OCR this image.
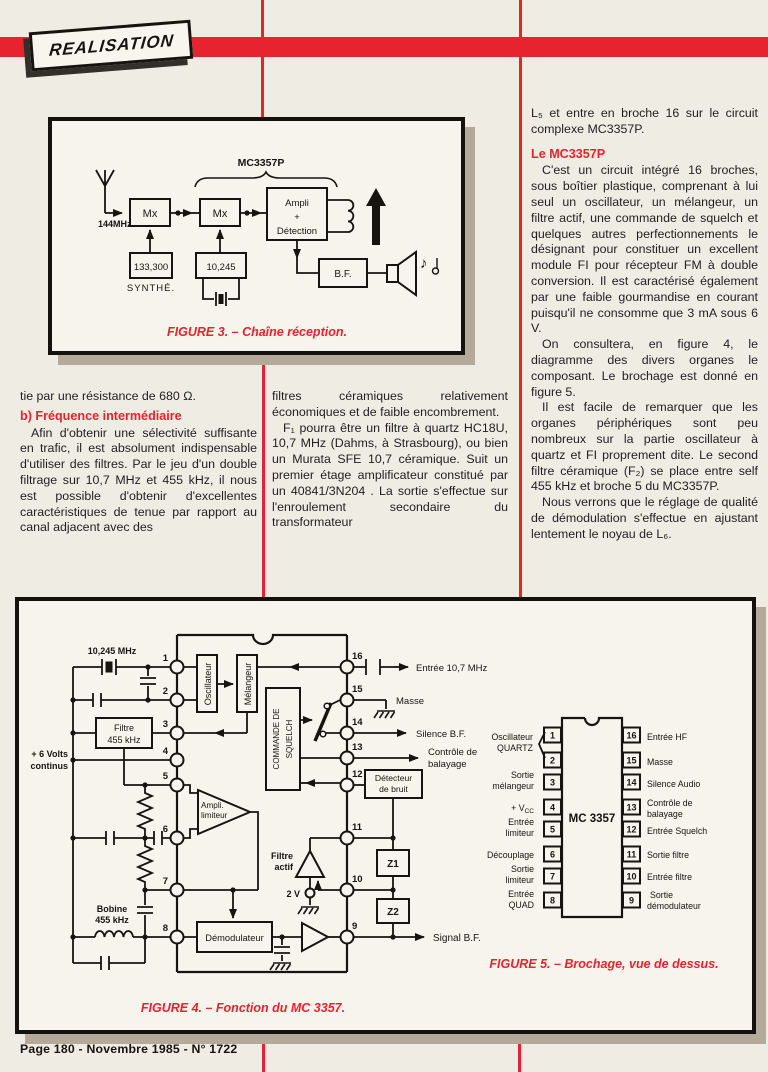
REALISATION
MC3357P
144MHz
Mx	Mx
Ampli
+
Détection
133,300
SYNTHÉ.
10,245
B.F.
♪
FIGURE 3. – Chaîne réception.

tie par une résistance de 680 Ω.

b) Fréquence intermédiaire

Afin d'obtenir une sélectivité suffisante en trafic, il est absolument indispensable d'utiliser des filtres. Par le jeu d'un double filtrage sur 10,7 MHz et 455 kHz, il nous est possible d'obtenir d'excellentes caractéristiques de tenue par rapport au canal adjacent avec des

filtres céramiques relativement économiques et de faible encombrement.

F₁ pourra être un filtre à quartz HC18U, 10,7 MHz (Dahms, à Strasbourg), ou bien un Murata SFE 10,7 céramique. Suit un premier étage amplificateur constitué par un 40841/3N204 . La sortie s'effectue sur l'enroulement secondaire du transformateur

L₅ et entre en broche 16 sur le circuit complexe MC3357P.

Le MC3357P

C'est un circuit intégré 16 broches, sous boîtier plastique, comprenant à lui seul un oscillateur, un mélangeur, un filtre actif, une commande de squelch et quelques autres perfectionnements le désignant pour constituer un excellent module FI pour récepteur FM à double conversion. Il est caractérisé également par une faible gourmandise en courant puisqu'il ne consomme que 3 mA sous 6 V.

On consultera, en figure 4, le diagramme des divers organes le composant. Le brochage est donné en figure 5.

Il est facile de remarquer que les organes périphériques sont peu nombreux sur la partie oscillateur à quartz et FI proprement dite. Le second filtre céramique (F₂) se place entre self 455 kHz et broche 5 du MC3357P.

Nous verrons que le réglage de qualité de démodulation s'effectue en ajustant lentement le noyau de L₆.

10,245 MHz
Filtre
455 kHz
+ 6 Volts
continus
Bobine
455 kHz
Oscillateur	Mélangeur
COMMANDE DE SQUELCH
Ampli.
limiteur
Démodulateur
Filtre
actif
2 V
Entrée 10,7 MHz
Masse
Silence B.F.
Contrôle de
balayage
Détecteur
de bruit
Z1
Z2
Signal B.F.
1
2
3
4
5
6
7
8
16
15
14
13
12
11
10
9
FIGURE 4. – Fonction du MC 3357.
MC 3357
1
2
3
4
5
6
7
8
16
15
14
13
12
11
10
9
Oscillateur
QUARTZ
Sortie
mélangeur
+ $V_{CC}$
Entrée
limiteur
Découplage
Sortie
limiteur
Entrée
QUAD
Entrée HF
Masse
Silence Audio
Contrôle de
balayage
Entrée Squelch
Sortie filtre
Entrée filtre
Sortie
démodulateur
FIGURE 5. – Brochage, vue de dessus.
Page 180 - Novembre 1985 - N° 1722
